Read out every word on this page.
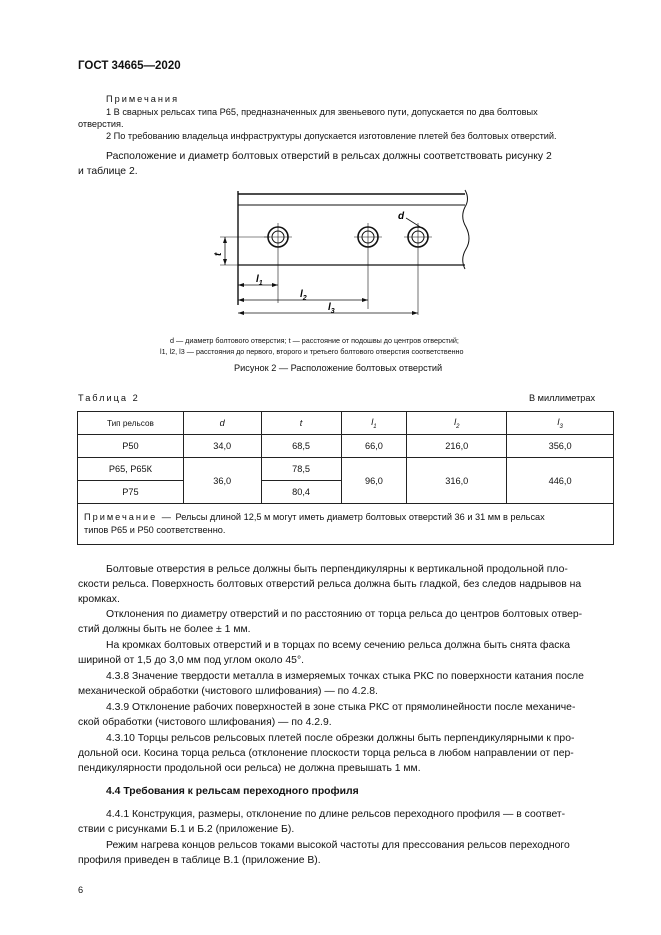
ГОСТ 34665—2020
Примечания
1 В сварных рельсах типа Р65, предназначенных для звеньевого пути, допускается по два болтовых
отверстия.
2 По требованию владельца инфраструктуры допускается изготовление плетей без болтовых отверстий.
Расположение и диаметр болтовых отверстий в рельсах должны соответствовать рисунку 2
и таблице 2.
d
t
$l_1$
$l_2$
$l_3$
d — диаметр болтового отверстия; t — расстояние от подошвы до центров отверстий;
l1, l2, l3 — расстояния до первого, второго и третьего болтового отверстия соответственно
Рисунок 2 — Расположение болтовых отверстий
Таблица 2	В миллиметрах
Тип рельсов	d	t	$l_1$	$l_2$	$l_3$
Р50	34,0	68,5	66,0	216,0	356,0
Р65, Р65К	36,0	78,5	96,0	316,0	446,0
Р75		80,4			
Примечание — Рельсы длиной 12,5 м могут иметь диаметр болтовых отверстий 36 и 31 мм в рельсах
типов Р65 и Р50 соответственно.					
Болтовые отверстия в рельсе должны быть перпендикулярны к вертикальной продольной пло-
скости рельса. Поверхность болтовых отверстий рельса должна быть гладкой, без следов надрывов на
кромках.
Отклонения по диаметру отверстий и по расстоянию от торца рельса до центров болтовых отвер-
стий должны быть не более ± 1 мм.
На кромках болтовых отверстий и в торцах по всему сечению рельса должна быть снята фаска
шириной от 1,5 до 3,0 мм под углом около 45°.
4.3.8 Значение твердости металла в измеряемых точках стыка РКС по поверхности катания после
механической обработки (чистового шлифования) — по 4.2.8.
4.3.9 Отклонение рабочих поверхностей в зоне стыка РКС от прямолинейности после механиче-
ской обработки (чистового шлифования) — по 4.2.9.
4.3.10 Торцы рельсов рельсовых плетей после обрезки должны быть перпендикулярными к про-
дольной оси. Косина торца рельса (отклонение плоскости торца рельса в любом направлении от пер-
пендикулярности продольной оси рельса) не должна превышать 1 мм.
4.4 Требования к рельсам переходного профиля
4.4.1 Конструкция, размеры, отклонение по длине рельсов переходного профиля — в соответ-
ствии с рисунками Б.1 и Б.2 (приложение Б).
Режим нагрева концов рельсов токами высокой частоты для прессования рельсов переходного
профиля приведен в таблице В.1 (приложение В).
6
